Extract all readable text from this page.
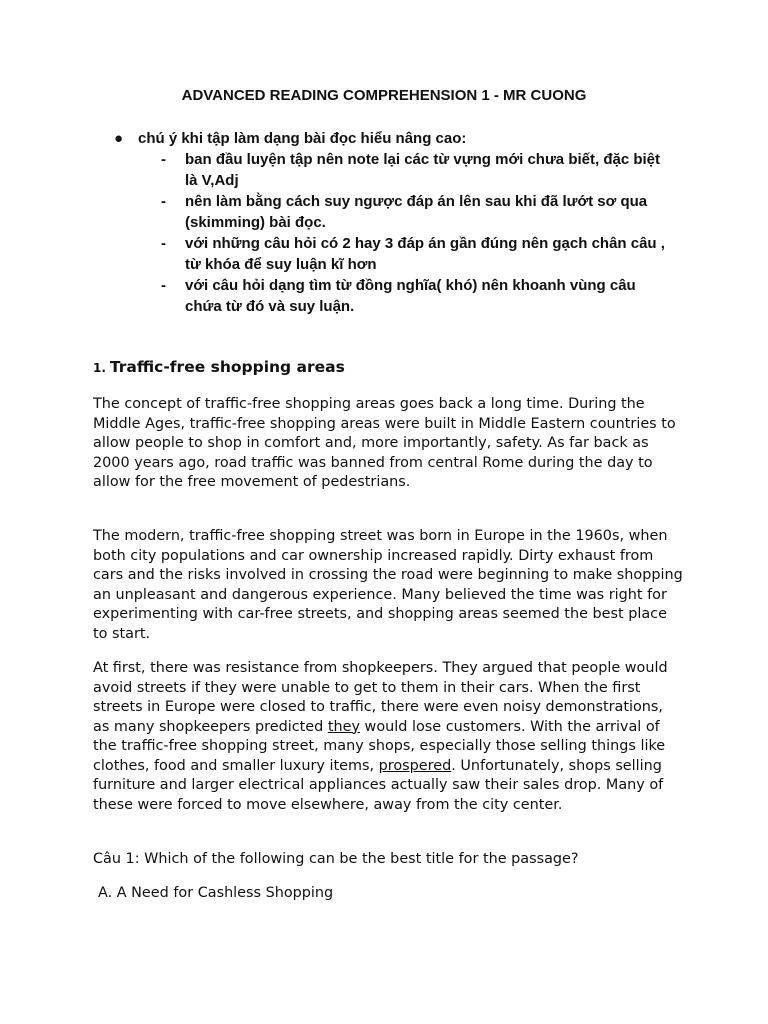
ADVANCED READING COMPREHENSION 1 - MR CUONG
● chú ý khi tập làm dạng bài đọc hiểu nâng cao:
-	ban đầu luyện tập nên note lại các từ vựng mới chưa biết, đặc biệt là V,Adj
-	nên làm bằng cách suy ngược đáp án lên sau khi đã lướt sơ qua (skimming) bài đọc.
-	với những câu hỏi có 2 hay 3 đáp án gần đúng nên gạch chân câu , từ khóa để suy luận kĩ hơn
-	với câu hỏi dạng tìm từ đồng nghĩa( khó) nên khoanh vùng câu chứa từ đó và suy luận.
1. Traffic-free shopping areas

The concept of traffic-free shopping areas goes back a long time. During the Middle Ages, traffic-free shopping areas were built in Middle Eastern countries to allow people to shop in comfort and, more importantly, safety. As far back as 2000 years ago, road traffic was banned from central Rome during the day to allow for the free movement of pedestrians.

The modern, traffic-free shopping street was born in Europe in the 1960s, when both city populations and car ownership increased rapidly. Dirty exhaust from cars and the risks involved in crossing the road were beginning to make shopping an unpleasant and dangerous experience. Many believed the time was right for experimenting with car-free streets, and shopping areas seemed the best place to start.

At first, there was resistance from shopkeepers. They argued that people would avoid streets if they were unable to get to them in their cars. When the first streets in Europe were closed to traffic, there were even noisy demonstrations, as many shopkeepers predicted they would lose customers. With the arrival of the traffic-free shopping street, many shops, especially those selling things like clothes, food and smaller luxury items, prospered. Unfortunately, shops selling furniture and larger electrical appliances actually saw their sales drop. Many of these were forced to move elsewhere, away from the city center.

Câu 1: Which of the following can be the best title for the passage?

A. A Need for Cashless Shopping
